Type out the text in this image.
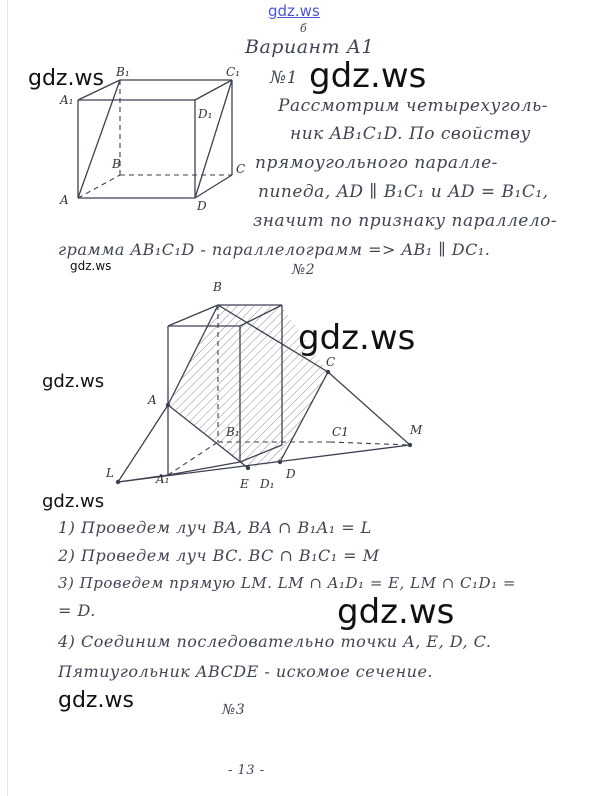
gdz.ws
б
Вариант А1
№1
Рассмотрим четырехуголь-
ник AB₁C₁D. По свойству
прямоугольного паралле-
пипеда, AD ∥ B₁C₁ и AD = B₁C₁,
значит по признаку параллело-
грамма AB₁C₁D - параллелограмм => AB₁ ∥ DC₁.
№2
B₁	C₁
A₁
D₁
B	C
A	D
B
C
A
B₁	C1	M
L	A₁	E D₁
D
1) Проведем луч BA, BA ∩ B₁A₁ = L
2) Проведем луч BC. BC ∩ B₁C₁ = M
3) Проведем прямую LM. LM ∩ A₁D₁ = E, LM ∩ C₁D₁ =
= D.
4) Соединим последовательно точки A, E, D, C.
Пятиугольник ABCDE - искомое сечение.
№3
- 13 -
gdz.ws	gdz.ws
gdz.ws
gdz.ws
gdz.ws
gdz.ws
gdz.ws
gdz.ws
